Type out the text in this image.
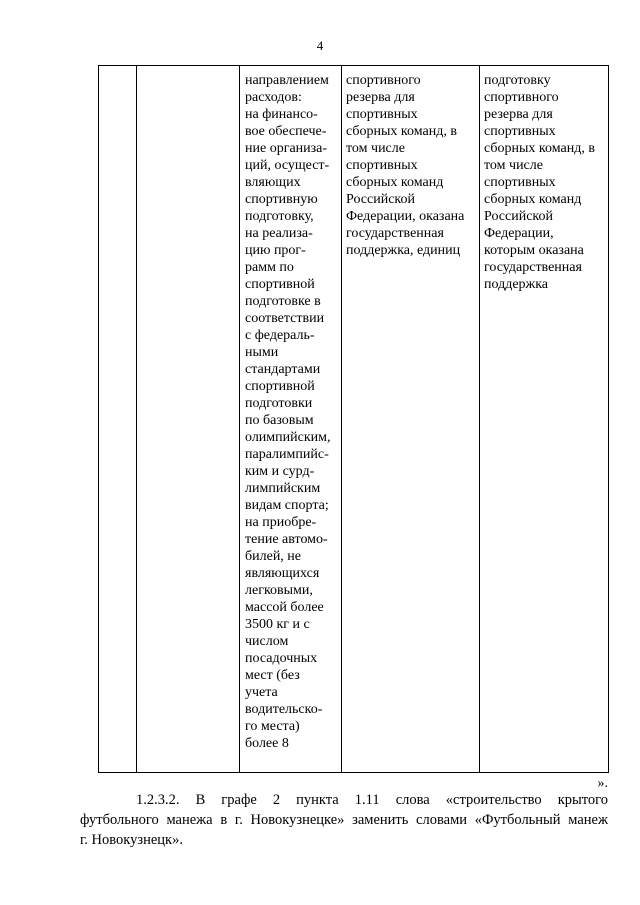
4
направлением
расходов:
на финансо-
вое обеспече-
ние организа-
ций, осущест-
вляющих
спортивную
подготовку,
на реализа-
цию прог-
рамм по
спортивной
подготовке в
соответствии
с федераль-
ными
стандартами
спортивной
подготовки
по базовым
олимпийским,
паралимпийс-
ким и сурд-
лимпийским
видам спорта;
на приобре-
тение автомо-
билей, не
являющихся
легковыми,
массой более
3500 кг и с
числом
посадочных
мест (без
учета
водительско-
го места)
более 8
спортивного
резерва для
спортивных
сборных команд, в
том числе
спортивных
сборных команд
Российской
Федерации, оказана
государственная
поддержка, единиц
подготовку
спортивного
резерва для
спортивных
сборных команд, в
том числе
спортивных
сборных команд
Российской
Федерации,
которым оказана
государственная
поддержка
».
1.2.3.2. В графе 2 пункта 1.11 слова «строительство крытого
футбольного манежа в г. Новокузнецке» заменить словами «Футбольный манеж
г. Новокузнецк».
